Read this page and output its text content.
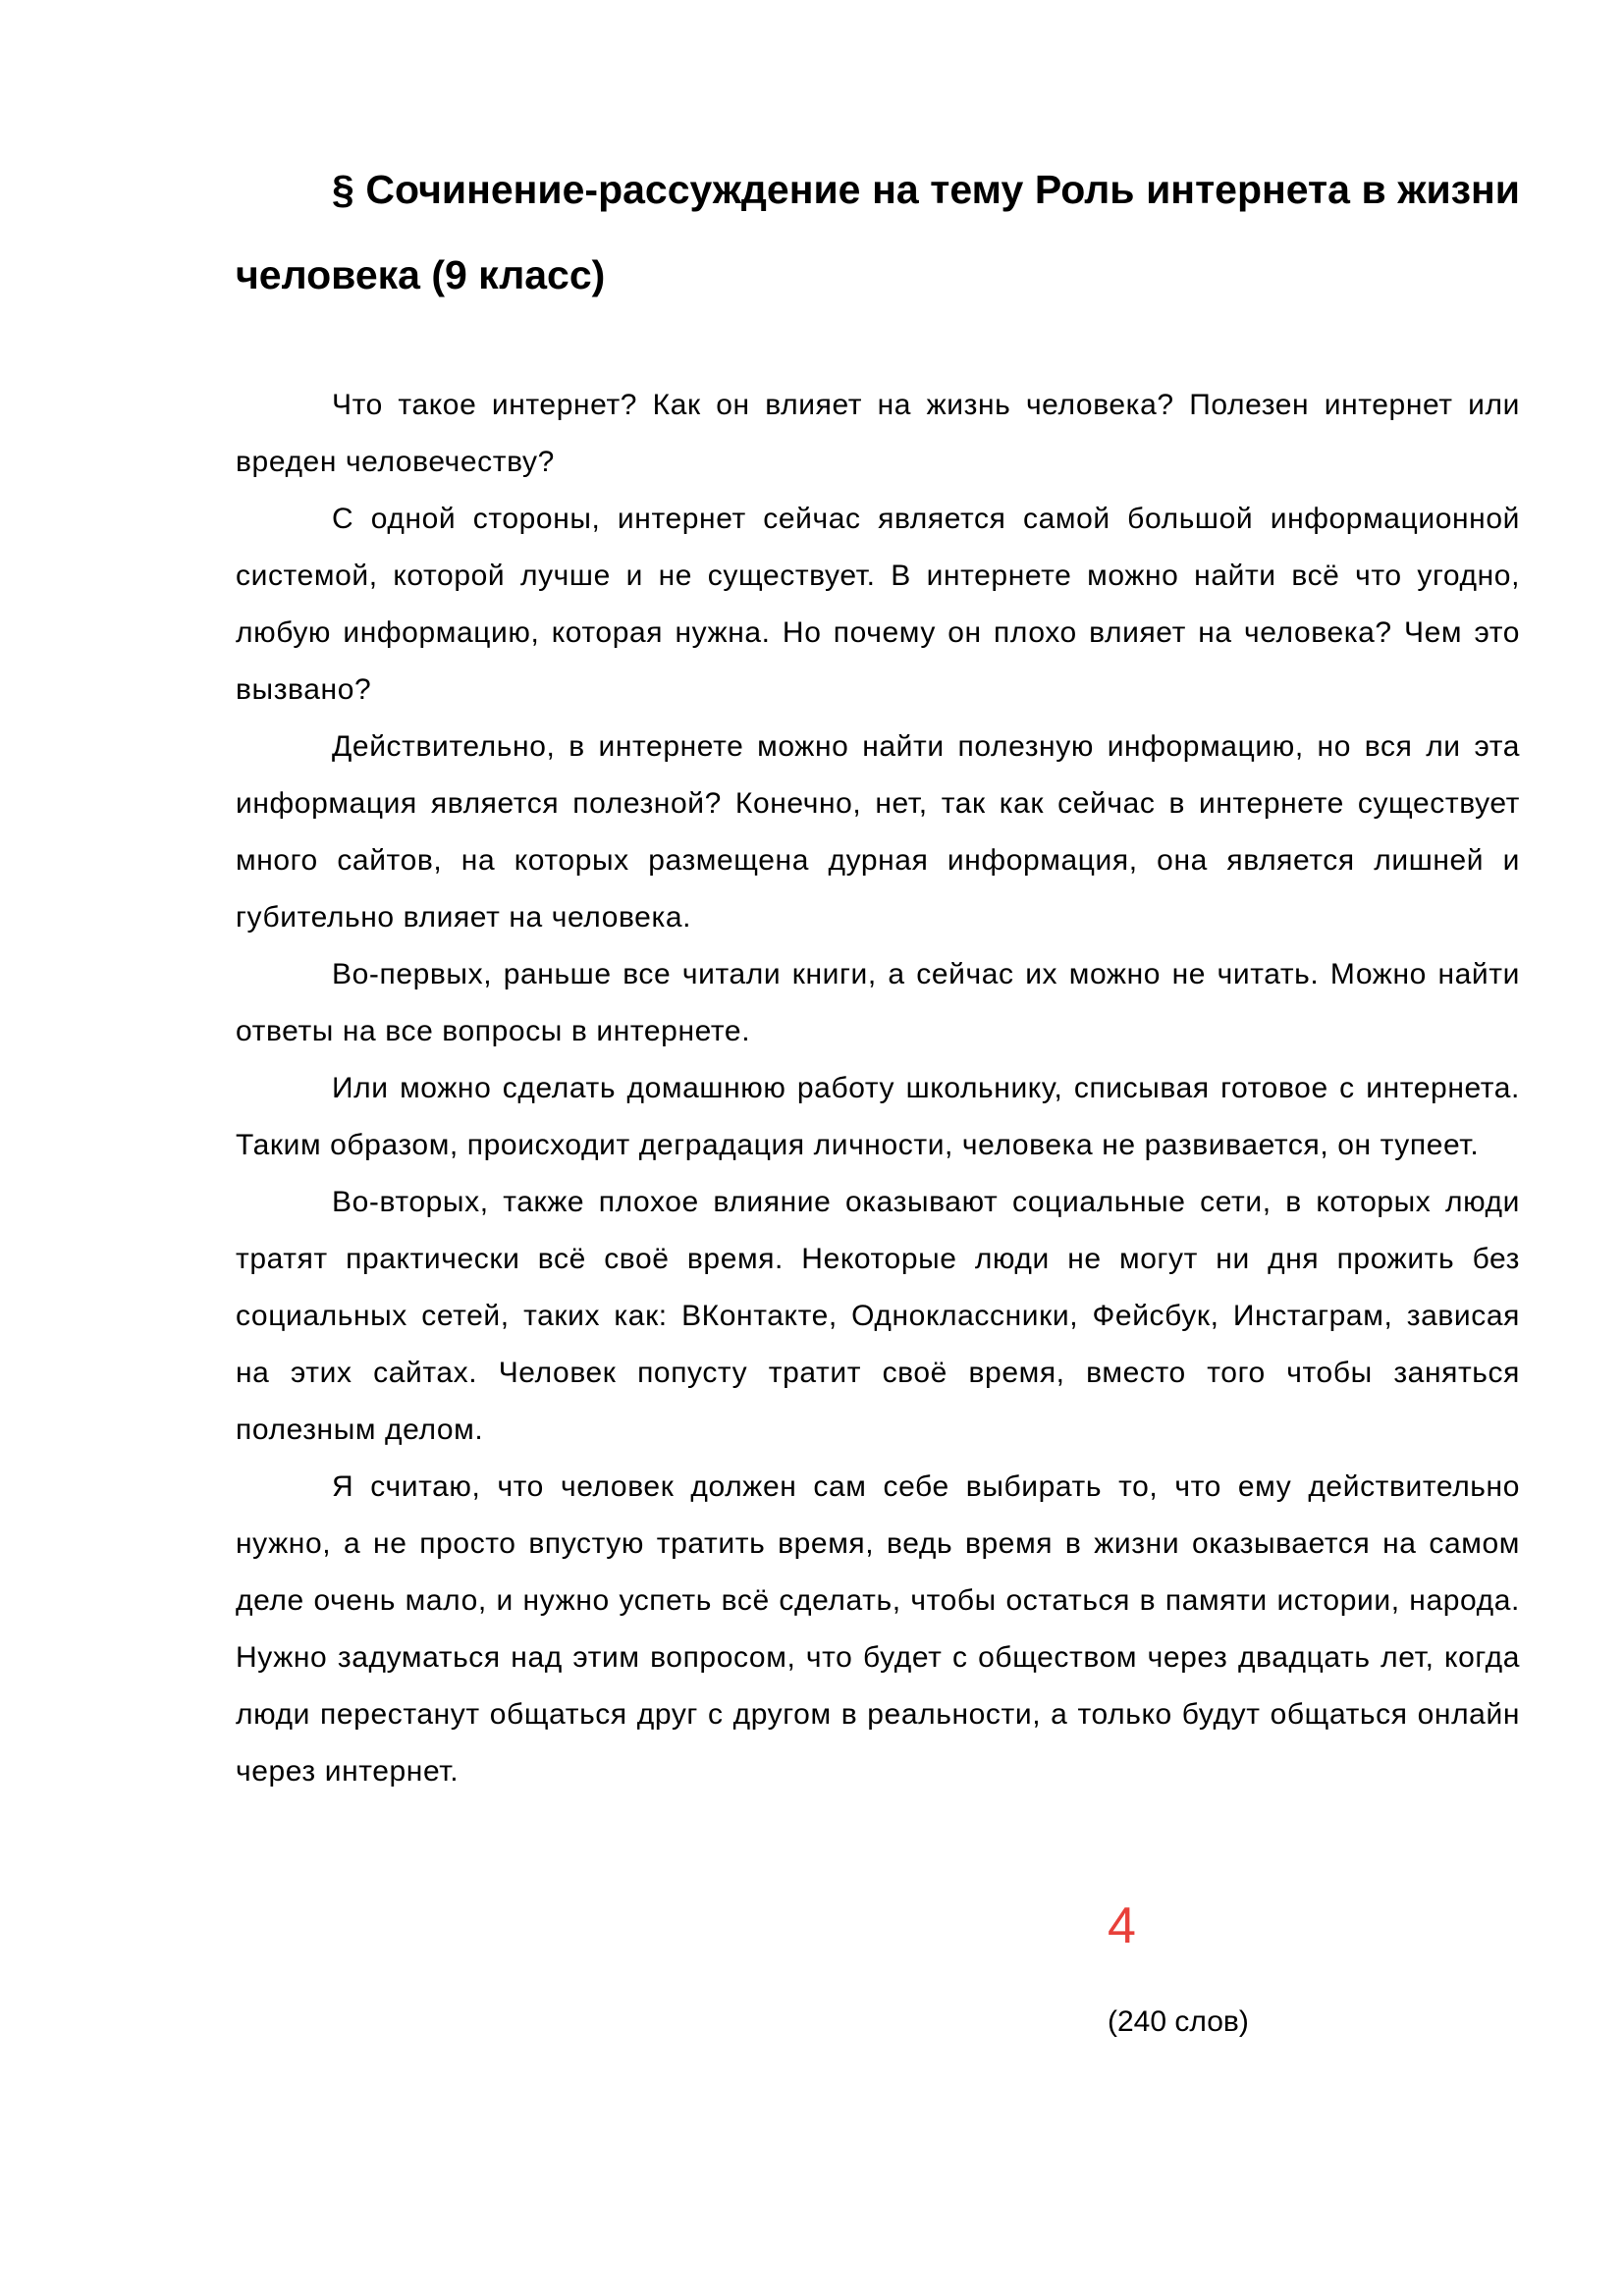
§ Сочинение-рассуждение на тему Роль интернета в жизни человека (9 класс)

Что такое интернет? Как он влияет на жизнь человека? Полезен интернет или вреден человечеству?

С одной стороны, интернет сейчас является самой большой информационной системой, которой лучше и не существует. В интернете можно найти всё что угодно, любую информацию, которая нужна. Но почему он плохо влияет на человека? Чем это вызвано?

Действительно, в интернете можно найти полезную информацию, но вся ли эта информация является полезной? Конечно, нет, так как сейчас в интернете существует много сайтов, на которых размещена дурная информация, она является лишней и губительно влияет на человека.

Во-первых, раньше все читали книги, а сейчас их можно не читать. Можно найти ответы на все вопросы в интернете.

Или можно сделать домашнюю работу школьнику, списывая готовое с интернета. Таким образом, происходит деградация личности, человека не развивается, он тупеет.

Во-вторых, также плохое влияние оказывают социальные сети, в которых люди тратят практически всё своё время. Некоторые люди не могут ни дня прожить без социальных сетей, таких как: ВКонтакте, Одноклассники, Фейсбук, Инстаграм, зависая на этих сайтах. Человек попусту тратит своё время, вместо того чтобы заняться полезным делом.

Я считаю, что человек должен сам себе выбирать то, что ему действительно нужно, а не просто впустую тратить время, ведь время в жизни оказывается на самом деле очень мало, и нужно успеть всё сделать, чтобы остаться в памяти истории, народа. Нужно задуматься над этим вопросом, что будет с обществом через двадцать лет, когда люди перестанут общаться друг с другом в реальности, а только будут общаться онлайн через интернет.

4
(240 слов)
